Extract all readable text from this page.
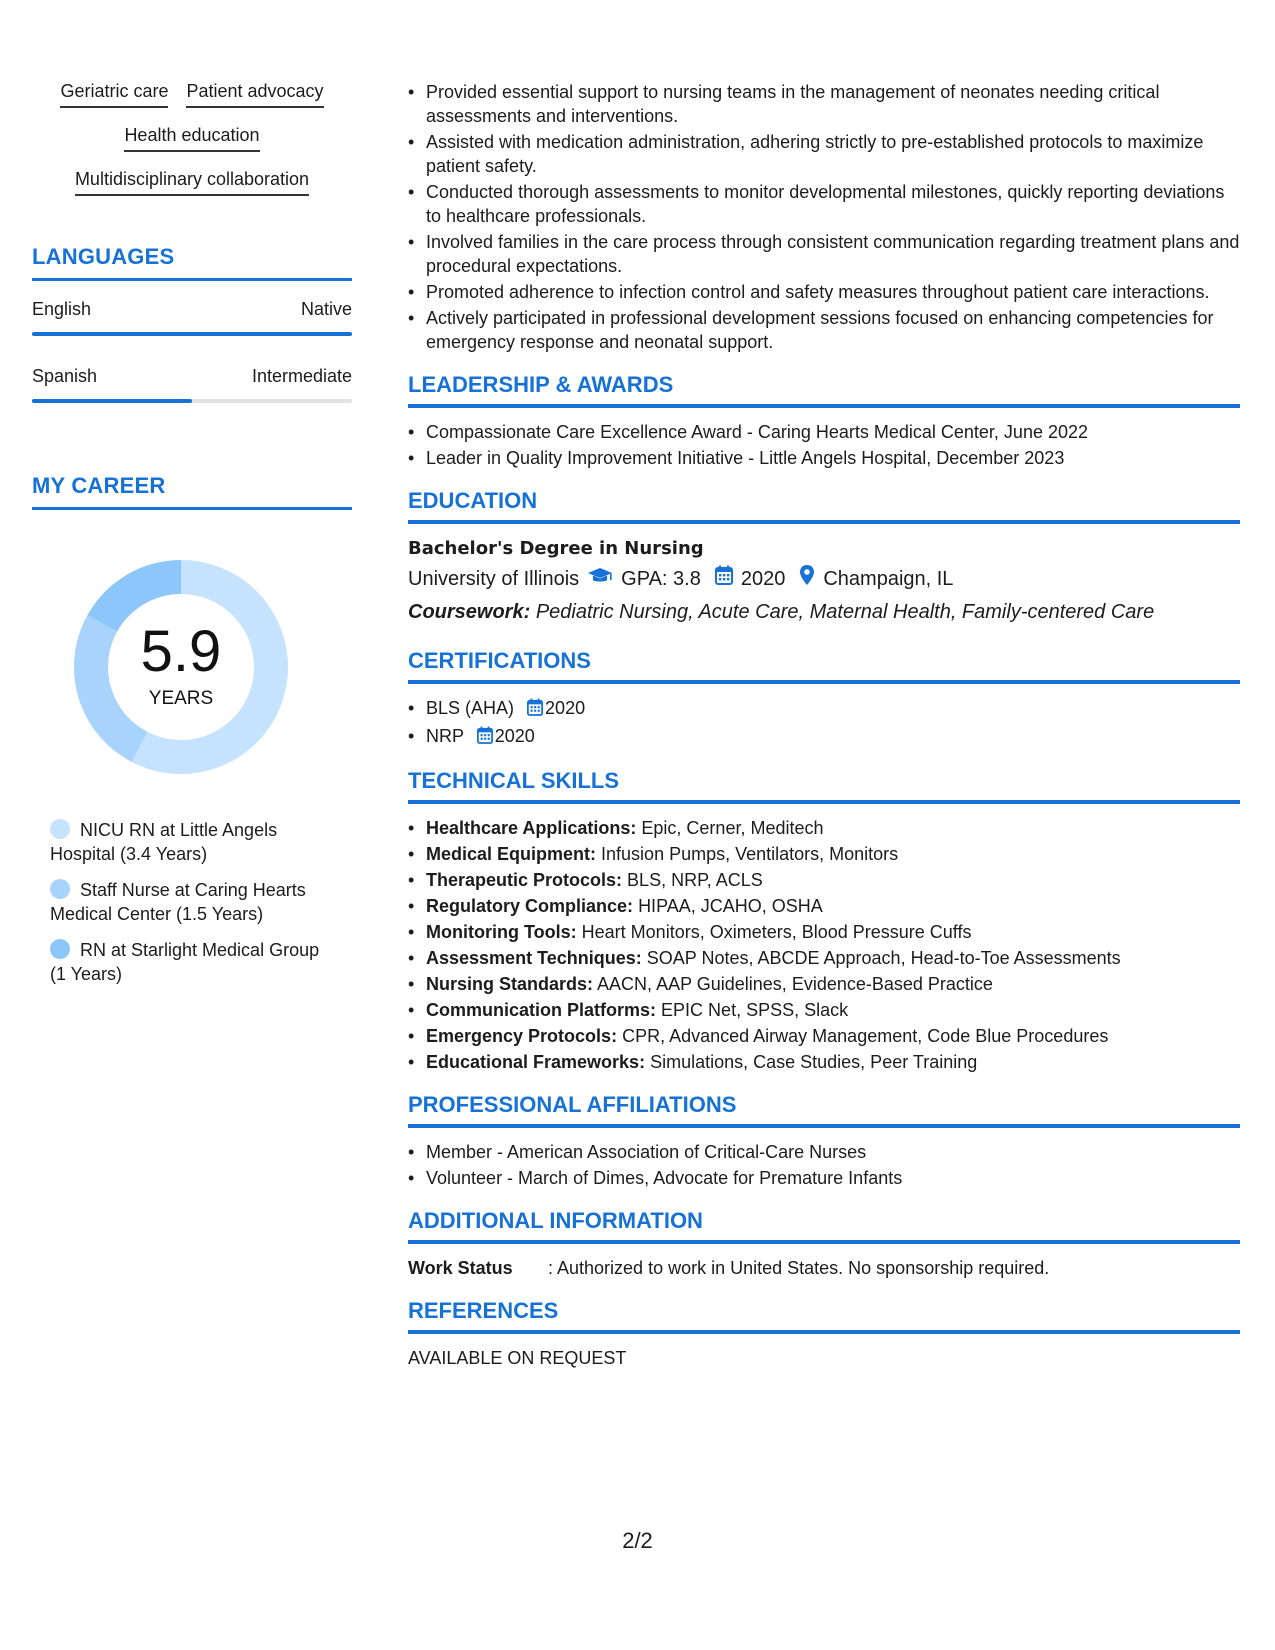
Geriatric care Patient advocacy
Health education
Multidisciplinary collaboration
LANGUAGES
English	Native
Spanish	Intermediate
MY CAREER
5.9
YEARS
NICU RN at Little Angels Hospital (3.4 Years)
Staff Nurse at Caring Hearts Medical Center (1.5 Years)
RN at Starlight Medical Group (1 Years)
• Provided essential support to nursing teams in the management of neonates needing critical assessments and interventions.
• Assisted with medication administration, adhering strictly to pre-established protocols to maximize patient safety.
• Conducted thorough assessments to monitor developmental milestones, quickly reporting deviations to healthcare professionals.
• Involved families in the care process through consistent communication regarding treatment plans and procedural expectations.
• Promoted adherence to infection control and safety measures throughout patient care interactions.
• Actively participated in professional development sessions focused on enhancing competencies for emergency response and neonatal support.
LEADERSHIP & AWARDS
• Compassionate Care Excellence Award - Caring Hearts Medical Center, June 2022
• Leader in Quality Improvement Initiative - Little Angels Hospital, December 2023
EDUCATION
Bachelor's Degree in Nursing
University of Illinois GPA: 3.8 2020 Champaign, IL
Coursework: Pediatric Nursing, Acute Care, Maternal Health, Family-centered Care
CERTIFICATIONS
• BLS (AHA) 2020
• NRP 2020
TECHNICAL SKILLS
• Healthcare Applications: Epic, Cerner, Meditech
• Medical Equipment: Infusion Pumps, Ventilators, Monitors
• Therapeutic Protocols: BLS, NRP, ACLS
• Regulatory Compliance: HIPAA, JCAHO, OSHA
• Monitoring Tools: Heart Monitors, Oximeters, Blood Pressure Cuffs
• Assessment Techniques: SOAP Notes, ABCDE Approach, Head-to-Toe Assessments
• Nursing Standards: AACN, AAP Guidelines, Evidence-Based Practice
• Communication Platforms: EPIC Net, SPSS, Slack
• Emergency Protocols: CPR, Advanced Airway Management, Code Blue Procedures
• Educational Frameworks: Simulations, Case Studies, Peer Training
PROFESSIONAL AFFILIATIONS
• Member - American Association of Critical-Care Nurses
• Volunteer - March of Dimes, Advocate for Premature Infants
ADDITIONAL INFORMATION
Work Status	: Authorized to work in United States. No sponsorship required.
REFERENCES
AVAILABLE ON REQUEST
2/2
